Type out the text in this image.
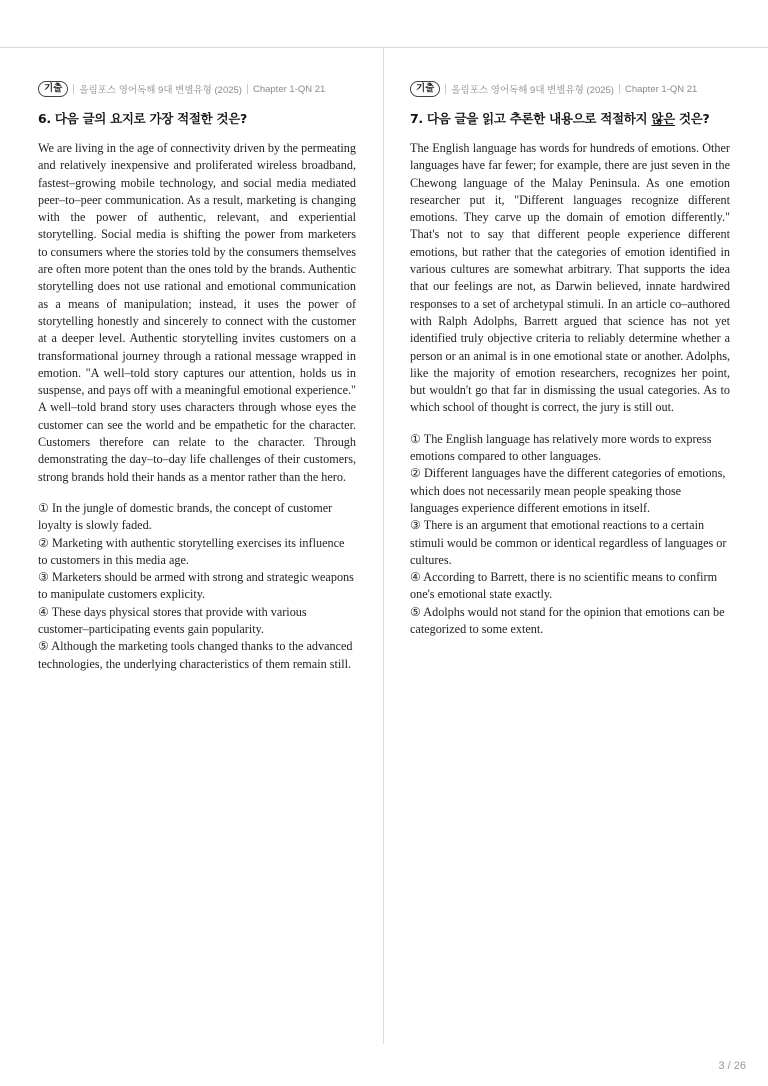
기출	올림포스 영어독해 9대 변별유형 (2025) Chapter 1-QN 21
6. 다음 글의 요지로 가장 적절한 것은?
We are living in the age of connectivity driven by the permeating and relatively inexpensive and proliferated wireless broadband, fastest–growing mobile technology, and social media mediated peer–to–peer communication. As a result, marketing is changing with the power of authentic, relevant, and experiential storytelling. Social media is shifting the power from marketers to consumers where the stories told by the consumers themselves are often more potent than the ones told by the brands. Authentic storytelling does not use rational and emotional communication as a means of manipulation; instead, it uses the power of storytelling honestly and sincerely to connect with the customer at a deeper level. Authentic storytelling invites customers on a transformational journey through a rational message wrapped in emotion. "A well–told story captures our attention, holds us in suspense, and pays off with a meaningful emotional experience." A well–told brand story uses characters through whose eyes the customer can see the world and be empathetic for the character. Customers therefore can relate to the character. Through demonstrating the day–to–day life challenges of their customers, strong brands hold their hands as a mentor rather than the hero.
① In the jungle of domestic brands, the concept of customer loyalty is slowly faded.
② Marketing with authentic storytelling exercises its influence to customers in this media age.
③ Marketers should be armed with strong and strategic weapons to manipulate customers explicity.
④ These days physical stores that provide with various customer–participating events gain popularity.
⑤ Although the marketing tools changed thanks to the advanced technologies, the underlying characteristics of them remain still.
기출	올림포스 영어독해 9대 변별유형 (2025) Chapter 1-QN 21
7. 다음 글을 읽고 추론한 내용으로 적절하지 않은 것은?
The English language has words for hundreds of emotions. Other languages have far fewer; for example, there are just seven in the Chewong language of the Malay Peninsula. As one emotion researcher put it, "Different languages recognize different emotions. They carve up the domain of emotion differently." That's not to say that different people experience different emotions, but rather that the categories of emotion identified in various cultures are somewhat arbitrary. That supports the idea that our feelings are not, as Darwin believed, innate hardwired responses to a set of archetypal stimuli. In an article co–authored with Ralph Adolphs, Barrett argued that science has not yet identified truly objective criteria to reliably determine whether a person or an animal is in one emotional state or another. Adolphs, like the majority of emotion researchers, recognizes her point, but wouldn't go that far in dismissing the usual categories. As to which school of thought is correct, the jury is still out.
① The English language has relatively more words to express emotions compared to other languages.
② Different languages have the different categories of emotions, which does not necessarily mean people speaking those languages experience different emotions in itself.
③ There is an argument that emotional reactions to a certain stimuli would be common or identical regardless of languages or cultures.
④ According to Barrett, there is no scientific means to confirm one's emotional state exactly.
⑤ Adolphs would not stand for the opinion that emotions can be categorized to some extent.
3 / 26
